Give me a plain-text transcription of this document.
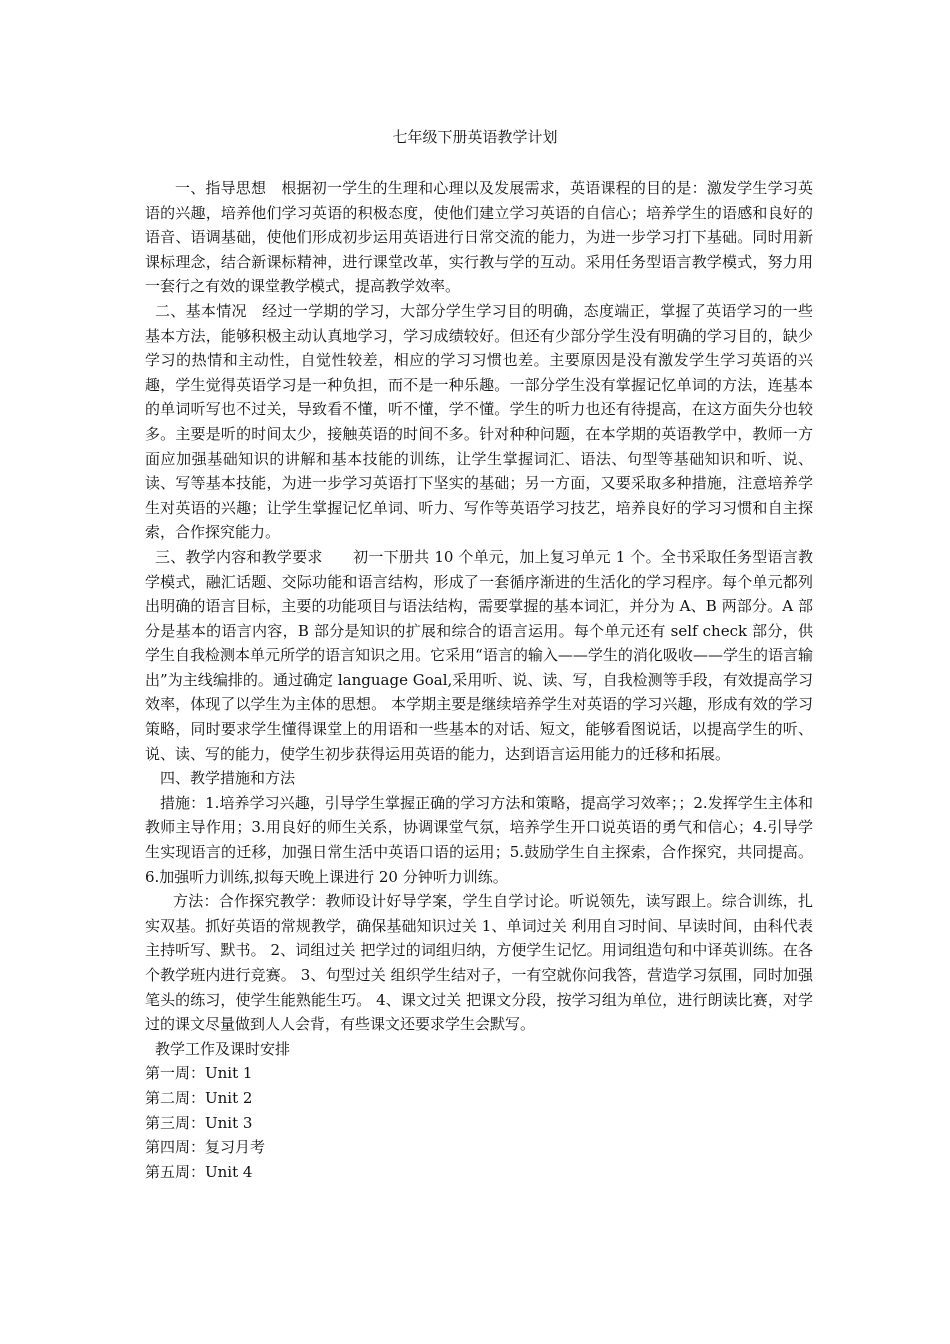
七年级下册英语教学计划

一、指导思想　根据初一学生的生理和心理以及发展需求，英语课程的目的是：激发学生学习英语的兴趣，培养他们学习英语的积极态度，使他们建立学习英语的自信心；培养学生的语感和良好的语音、语调基础，使他们形成初步运用英语进行日常交流的能力，为进一步学习打下基础。同时用新课标理念，结合新课标精神，进行课堂改革，实行教与学的互动。采用任务型语言教学模式，努力用一套行之有效的课堂教学模式，提高教学效率。

二、基本情况　经过一学期的学习，大部分学生学习目的明确，态度端正，掌握了英语学习的一些基本方法，能够积极主动认真地学习，学习成绩较好。但还有少部分学生没有明确的学习目的，缺少学习的热情和主动性，自觉性较差，相应的学习习惯也差。主要原因是没有激发学生学习英语的兴趣，学生觉得英语学习是一种负担，而不是一种乐趣。一部分学生没有掌握记忆单词的方法，连基本的单词听写也不过关，导致看不懂，听不懂，学不懂。学生的听力也还有待提高，在这方面失分也较多。主要是听的时间太少，接触英语的时间不多。针对种种问题，在本学期的英语教学中，教师一方面应加强基础知识的讲解和基本技能的训练，让学生掌握词汇、语法、句型等基础知识和听、说、读、写等基本技能，为进一步学习英语打下坚实的基础；另一方面，又要采取多种措施，注意培养学生对英语的兴趣；让学生掌握记忆单词、听力、写作等英语学习技艺，培养良好的学习习惯和自主探索，合作探究能力。

三、教学内容和教学要求　　初一下册共 10 个单元，加上复习单元 1 个。全书采取任务型语言教学模式，融汇话题、交际功能和语言结构，形成了一套循序渐进的生活化的学习程序。每个单元都列出明确的语言目标，主要的功能项目与语法结构，需要掌握的基本词汇，并分为 A、B 两部分。A 部分是基本的语言内容，B 部分是知识的扩展和综合的语言运用。每个单元还有 self check 部分，供学生自我检测本单元所学的语言知识之用。它采用“语言的输入——学生的消化吸收——学生的语言输出”为主线编排的。通过确定 language Goal,采用听、说、读、写，自我检测等手段，有效提高学习效率，体现了以学生为主体的思想。 本学期主要是继续培养学生对英语的学习兴趣，形成有效的学习策略，同时要求学生懂得课堂上的用语和一些基本的对话、短文，能够看图说话，以提高学生的听、说、读、写的能力，使学生初步获得运用英语的能力，达到语言运用能力的迁移和拓展。

四、教学措施和方法

措施：1.培养学习兴趣，引导学生掌握正确的学习方法和策略，提高学习效率；；2.发挥学生主体和教师主导作用；3.用良好的师生关系，协调课堂气氛，培养学生开口说英语的勇气和信心；4.引导学生实现语言的迁移，加强日常生活中英语口语的运用；5.鼓励学生自主探索，合作探究，共同提高。6.加强听力训练,拟每天晚上课进行 20 分钟听力训练。

方法：合作探究教学：教师设计好导学案，学生自学讨论。听说领先，读写跟上。综合训练，扎实双基。抓好英语的常规教学，确保基础知识过关 1、单词过关 利用自习时间、早读时间，由科代表主持听写、默书。 2、词组过关 把学过的词组归纳，方便学生记忆。用词组造句和中译英训练。在各个教学班内进行竞赛。 3、句型过关 组织学生结对子，一有空就你问我答，营造学习氛围，同时加强笔头的练习，使学生能熟能生巧。 4、课文过关 把课文分段，按学习组为单位，进行朗读比赛，对学过的课文尽量做到人人会背，有些课文还要求学生会默写。

教学工作及课时安排

第一周：Unit 1

第二周：Unit 2

第三周：Unit 3

第四周：复习月考

第五周：Unit 4
